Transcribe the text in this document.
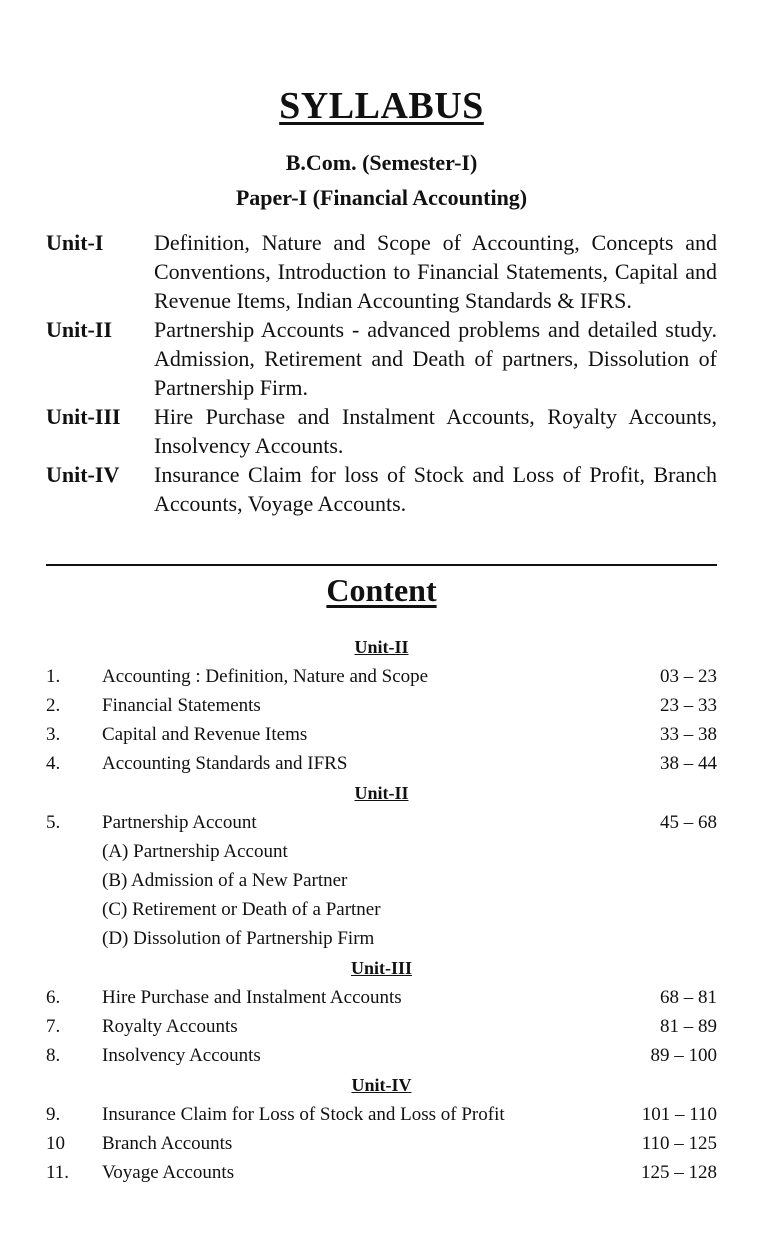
SYLLABUS
B.Com. (Semester-I)
Paper-I (Financial Accounting)
Unit-I	Definition, Nature and Scope of Accounting, Concepts and Conventions, Introduction to Financial Statements, Capital and Revenue Items, Indian Accounting Standards & IFRS.
Unit-II	Partnership Accounts - advanced problems and detailed study. Admission, Retirement and Death of partners, Dissolution of Partnership Firm.
Unit-III	Hire Purchase and Instalment Accounts, Royalty Accounts, Insolvency Accounts.
Unit-IV	Insurance Claim for loss of Stock and Loss of Profit, Branch Accounts, Voyage Accounts.
Content
Unit-II
1.	Accounting : Definition, Nature and Scope	03 – 23
2.	Financial Statements	23 – 33
3.	Capital and Revenue Items	33 – 38
4.	Accounting Standards and IFRS	38 – 44
Unit-II
5.	Partnership Account	45 – 68
(A) Partnership Account
(B) Admission of a New Partner
(C) Retirement or Death of a Partner
(D) Dissolution of Partnership Firm
Unit-III
6.	Hire Purchase and Instalment Accounts	68 – 81
7.	Royalty Accounts	81 – 89
8.	Insolvency Accounts	89 – 100
Unit-IV
9.	Insurance Claim for Loss of Stock and Loss of Profit	101 – 110
10	Branch Accounts	110 – 125
11.	Voyage Accounts	125 – 128
